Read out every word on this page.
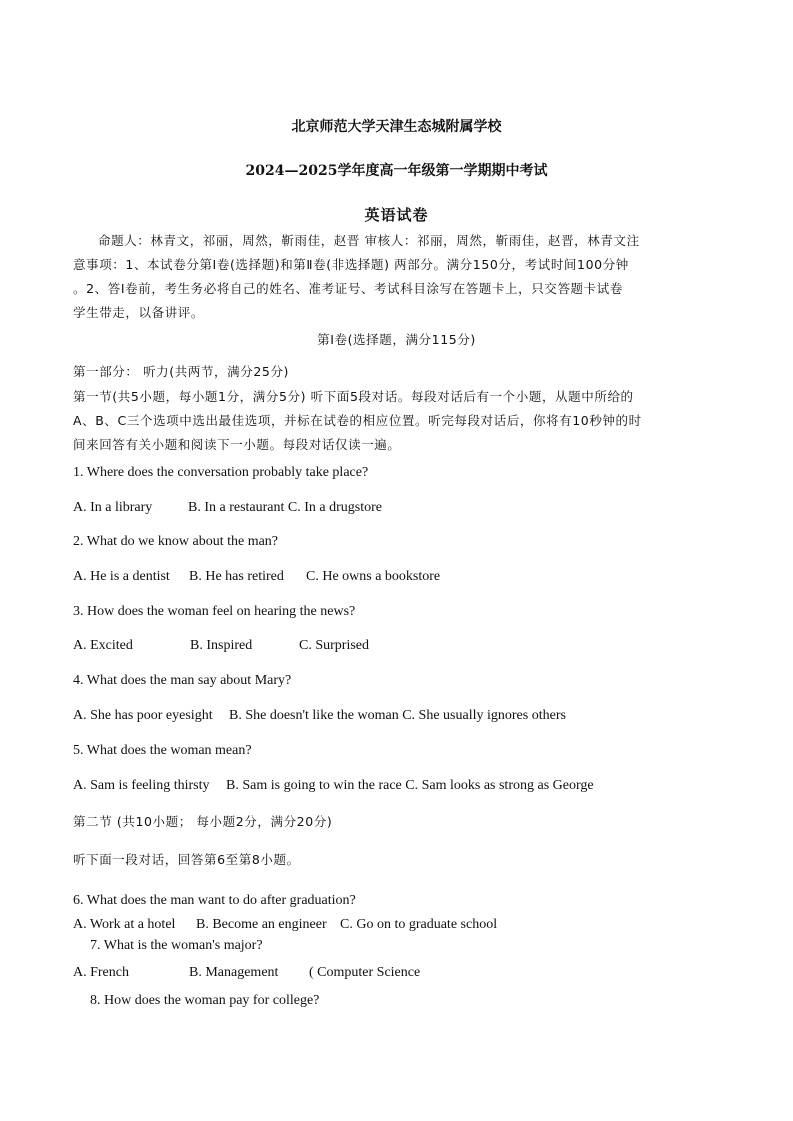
北京师范大学天津生态城附属学校
2024—2025学年度高一年级第一学期期中考试
英语试卷
命题人：林青文，祁丽，周然，靳雨佳，赵晋 审核人：祁丽，周然，靳雨佳，赵晋，林青文注
意事项：1、本试卷分第Ⅰ卷(选择题)和第Ⅱ卷(非选择题) 两部分。满分150分，考试时间100分钟
。2、答Ⅰ卷前，考生务必将自己的姓名、准考证号、考试科目涂写在答题卡上，只交答题卡试卷
学生带走，以备讲评。
第Ⅰ卷(选择题，满分115分)
第一部分： 听力(共两节，满分25分)
第一节(共5小题，每小题1分，满分5分) 听下面5段对话。每段对话后有一个小题，从题中所给的
A、B、C三个选项中选出最佳选项，并标在试卷的相应位置。听完每段对话后，你将有10秒钟的时
间来回答有关小题和阅读下一小题。每段对话仅读一遍。
1. Where does the conversation probably take place?
A. In a library	B. In a restaurant C. In a drugstore
2. What do we know about the man?
A. He is a dentist B. He has retired C. He owns a bookstore
3. How does the woman feel on hearing the news?
A. Excited	B. Inspired	C. Surprised
4. What does the man say about Mary?
A. She has poor eyesight B. She doesn't like the woman C. She usually ignores others
5. What does the woman mean?
A. Sam is feeling thirsty B. Sam is going to win the race C. Sam looks as strong as George
第二节 (共10小题； 每小题2分，满分20分)
听下面一段对话，回答第6至第8小题。
6. What does the man want to do after graduation?
A. Work at a hotel B. Become an engineer C. Go on to graduate school
7. What is the woman's major?
A. French	B. Management ( Computer Science
8. How does the woman pay for college?
